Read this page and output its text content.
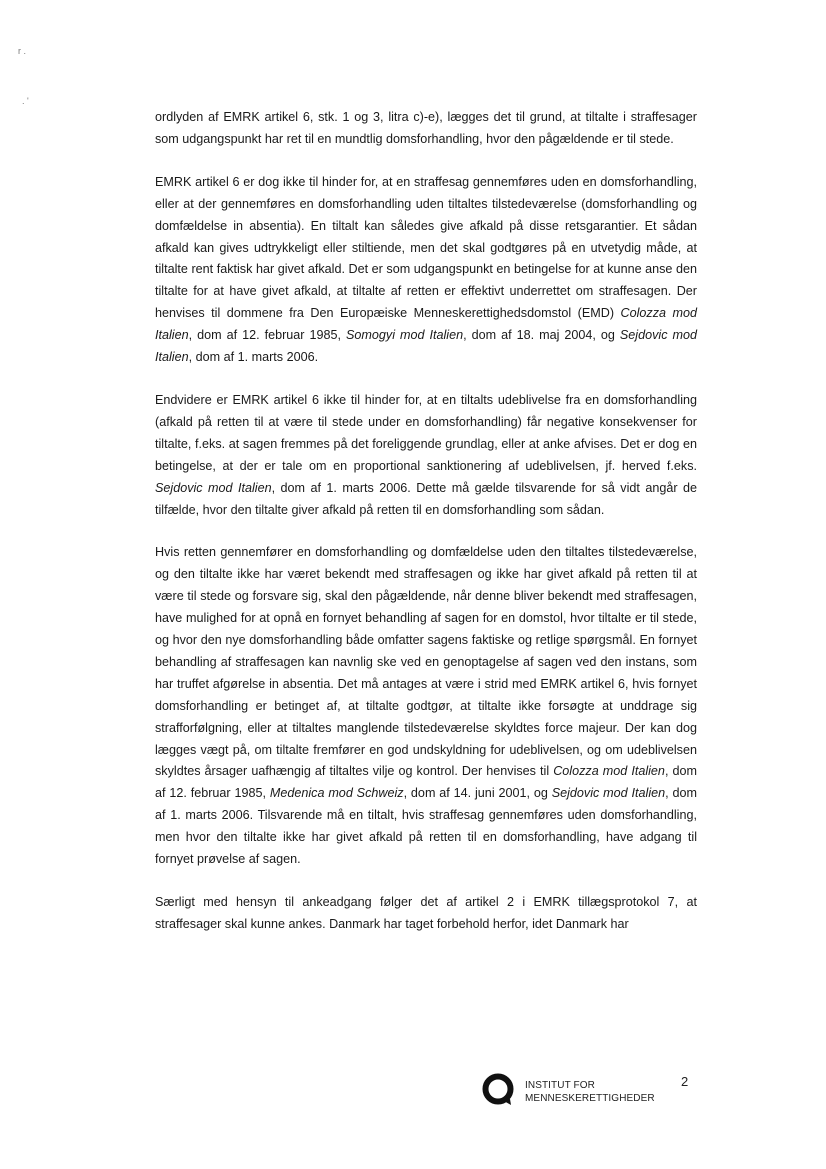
r .
. '

ordlyden af EMRK artikel 6, stk. 1 og 3, litra c)-e), lægges det til grund, at tiltalte i straffesager som udgangspunkt har ret til en mundtlig domsforhandling, hvor den pågældende er til stede.

EMRK artikel 6 er dog ikke til hinder for, at en straffesag gennemføres uden en domsforhandling, eller at der gennemføres en domsforhandling uden tiltaltes tilstedeværelse (domsforhandling og domfældelse in absentia). En tiltalt kan således give afkald på disse retsgarantier. Et sådan afkald kan gives udtrykkeligt eller stiltiende, men det skal godtgøres på en utvetydig måde, at tiltalte rent faktisk har givet afkald. Det er som udgangspunkt en betingelse for at kunne anse den tiltalte for at have givet afkald, at tiltalte af retten er effektivt underrettet om straffesagen. Der henvises til dommene fra Den Europæiske Menneskerettighedsdomstol (EMD) Colozza mod Italien, dom af 12. februar 1985, Somogyi mod Italien, dom af 18. maj 2004, og Sejdovic mod Italien, dom af 1. marts 2006.

Endvidere er EMRK artikel 6 ikke til hinder for, at en tiltalts udeblivelse fra en domsforhandling (afkald på retten til at være til stede under en domsforhandling) får negative konsekvenser for tiltalte, f.eks. at sagen fremmes på det foreliggende grundlag, eller at anke afvises. Det er dog en betingelse, at der er tale om en proportional sanktionering af udeblivelsen, jf. herved f.eks. Sejdovic mod Italien, dom af 1. marts 2006. Dette må gælde tilsvarende for så vidt angår de tilfælde, hvor den tiltalte giver afkald på retten til en domsforhandling som sådan.

Hvis retten gennemfører en domsforhandling og domfældelse uden den tiltaltes tilstedeværelse, og den tiltalte ikke har været bekendt med straffesagen og ikke har givet afkald på retten til at være til stede og forsvare sig, skal den pågældende, når denne bliver bekendt med straffesagen, have mulighed for at opnå en fornyet behandling af sagen for en domstol, hvor tiltalte er til stede, og hvor den nye domsforhandling både omfatter sagens faktiske og retlige spørgsmål. En fornyet behandling af straffesagen kan navnlig ske ved en genoptagelse af sagen ved den instans, som har truffet afgørelse in absentia. Det må antages at være i strid med EMRK artikel 6, hvis fornyet domsforhandling er betinget af, at tiltalte godtgør, at tiltalte ikke forsøgte at unddrage sig strafforfølgning, eller at tiltaltes manglende tilstedeværelse skyldtes force majeur. Der kan dog lægges vægt på, om tiltalte fremfører en god undskyldning for udeblivelsen, og om udeblivelsen skyldtes årsager uafhængig af tiltaltes vilje og kontrol. Der henvises til Colozza mod Italien, dom af 12. februar 1985, Medenica mod Schweiz, dom af 14. juni 2001, og Sejdovic mod Italien, dom af 1. marts 2006. Tilsvarende må en tiltalt, hvis straffesag gennemføres uden domsforhandling, men hvor den tiltalte ikke har givet afkald på retten til en domsforhandling, have adgang til fornyet prøvelse af sagen.

Særligt med hensyn til ankeadgang følger det af artikel 2 i EMRK tillægsprotokol 7, at straffesager skal kunne ankes. Danmark har taget forbehold herfor, idet Danmark har

INSTITUT FOR
MENNESKERETTIGHEDER
2
